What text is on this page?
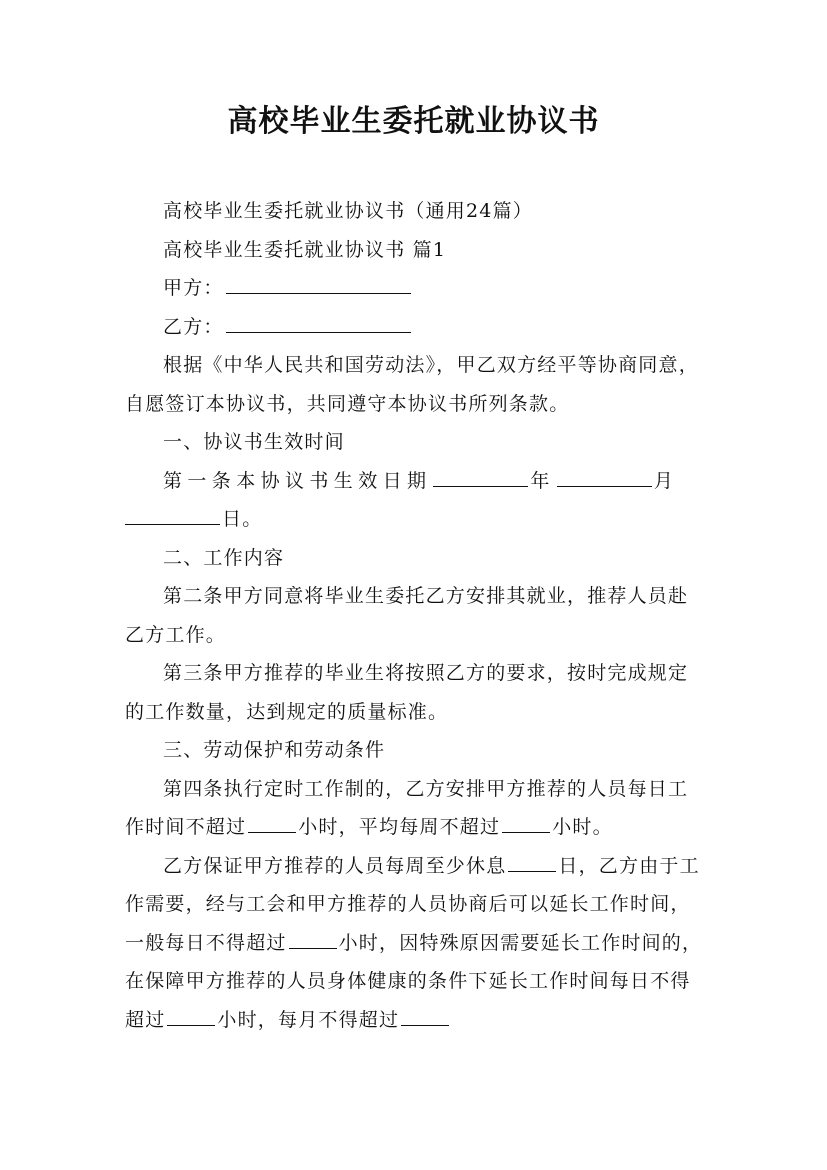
高校毕业生委托就业协议书

高校毕业生委托就业协议书（通用24篇）

高校毕业生委托就业协议书 篇1

甲方：

乙方：

根据《中华人民共和国劳动法》，甲乙双方经平等协商同意，自愿签订本协议书，共同遵守本协议书所列条款。

一、协议书生效时间

第一条本协议书生效日期	年	月日。

二、工作内容

第二条甲方同意将毕业生委托乙方安排其就业，推荐人员赴乙方工作。

第三条甲方推荐的毕业生将按照乙方的要求，按时完成规定的工作数量，达到规定的质量标准。

三、劳动保护和劳动条件

第四条执行定时工作制的，乙方安排甲方推荐的人员每日工作时间不超过	小时，平均每周不超过	小时。

乙方保证甲方推荐的人员每周至少休息	日，乙方由于工作需要，经与工会和甲方推荐的人员协商后可以延长工作时间，一般每日不得超过	小时，因特殊原因需要延长工作时间的，在保障甲方推荐的人员身体健康的条件下延长工作时间每日不得超过	小时，每月不得超过
